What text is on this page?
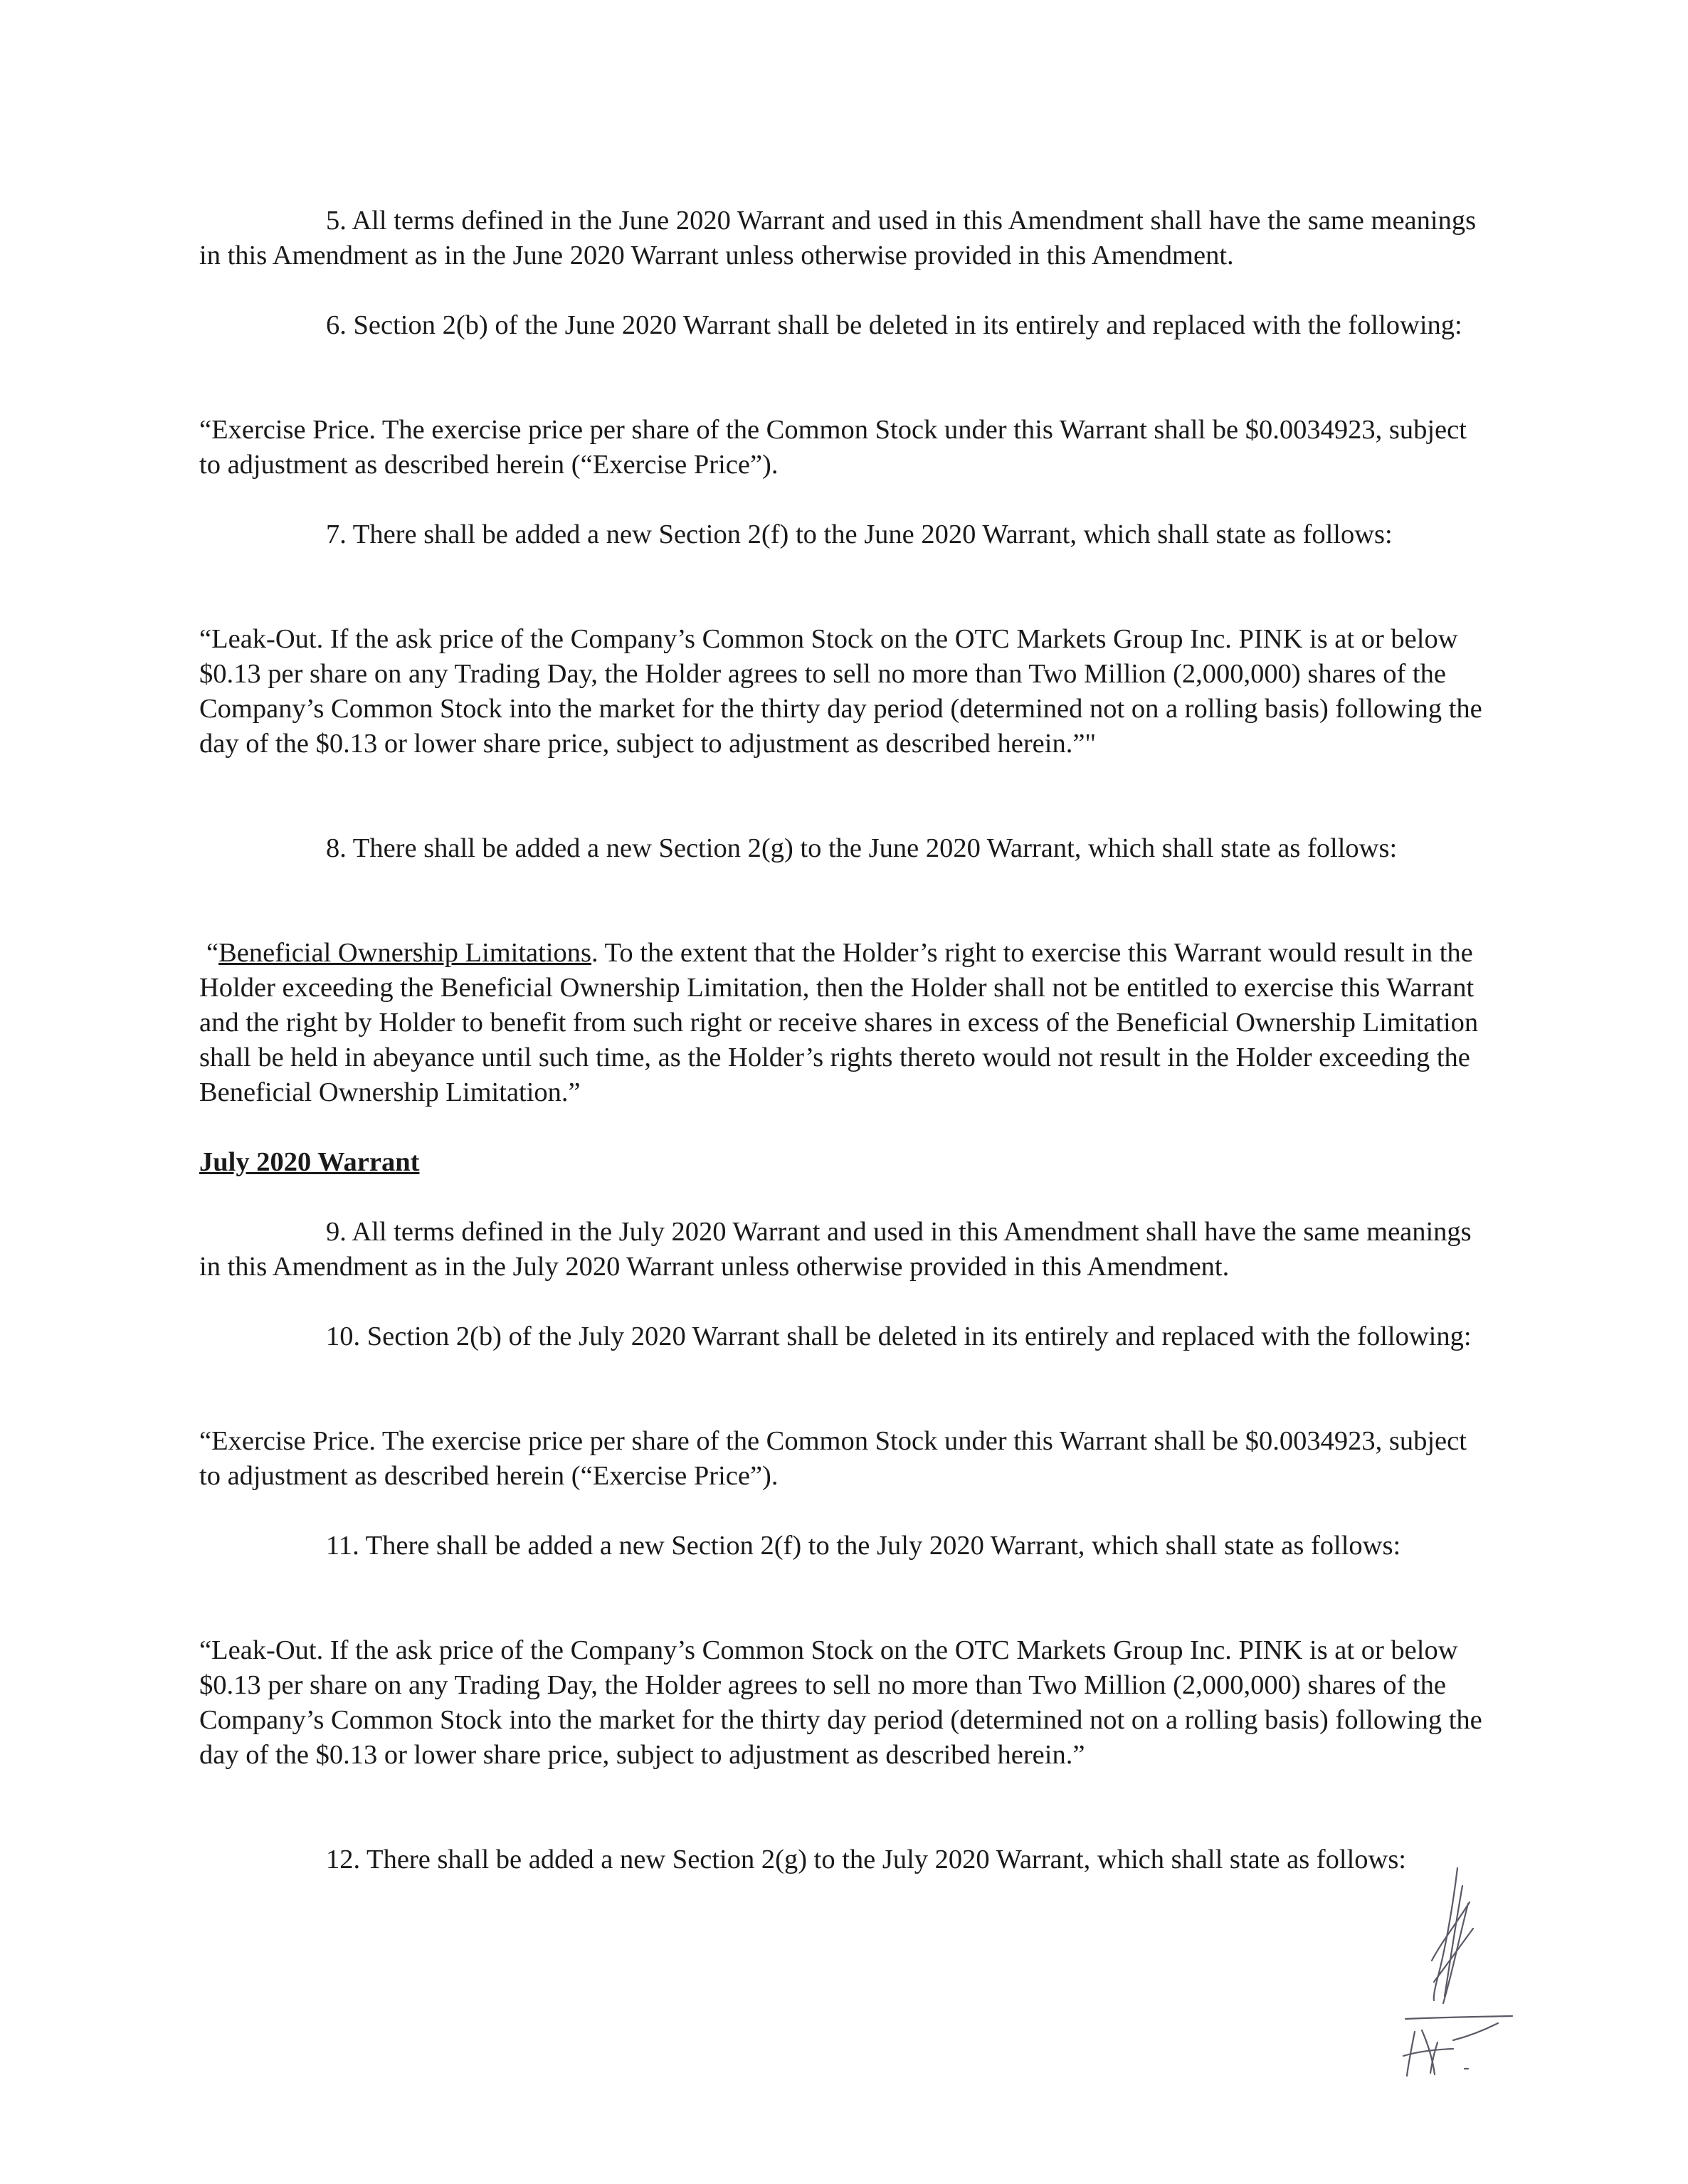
5. All terms defined in the June 2020 Warrant and used in this Amendment shall have the same meanings in this Amendment as in the June 2020 Warrant unless otherwise provided in this Amendment.

6. Section 2(b) of the June 2020 Warrant shall be deleted in its entirely and replaced with the following:

“Exercise Price. The exercise price per share of the Common Stock under this Warrant shall be $0.0034923, subject to adjustment as described herein (“Exercise Price”).

7. There shall be added a new Section 2(f) to the June 2020 Warrant, which shall state as follows:

“Leak-Out. If the ask price of the Company’s Common Stock on the OTC Markets Group Inc. PINK is at or below $0.13 per share on any Trading Day, the Holder agrees to sell no more than Two Million (2,000,000) shares of the Company’s Common Stock into the market for the thirty day period (determined not on a rolling basis) following the day of the $0.13 or lower share price, subject to adjustment as described herein.”"

8. There shall be added a new Section 2(g) to the June 2020 Warrant, which shall state as follows:

“Beneficial Ownership Limitations. To the extent that the Holder’s right to exercise this Warrant would result in the Holder exceeding the Beneficial Ownership Limitation, then the Holder shall not be entitled to exercise this Warrant and the right by Holder to benefit from such right or receive shares in excess of the Beneficial Ownership Limitation shall be held in abeyance until such time, as the Holder’s rights thereto would not result in the Holder exceeding the Beneficial Ownership Limitation.”

July 2020 Warrant

9. All terms defined in the July 2020 Warrant and used in this Amendment shall have the same meanings in this Amendment as in the July 2020 Warrant unless otherwise provided in this Amendment.

10. Section 2(b) of the July 2020 Warrant shall be deleted in its entirely and replaced with the following:

“Exercise Price. The exercise price per share of the Common Stock under this Warrant shall be $0.0034923, subject to adjustment as described herein (“Exercise Price”).

11. There shall be added a new Section 2(f) to the July 2020 Warrant, which shall state as follows:

“Leak-Out. If the ask price of the Company’s Common Stock on the OTC Markets Group Inc. PINK is at or below $0.13 per share on any Trading Day, the Holder agrees to sell no more than Two Million (2,000,000) shares of the Company’s Common Stock into the market for the thirty day period (determined not on a rolling basis) following the day of the $0.13 or lower share price, subject to adjustment as described herein.”

12. There shall be added a new Section 2(g) to the July 2020 Warrant, which shall state as follows:
